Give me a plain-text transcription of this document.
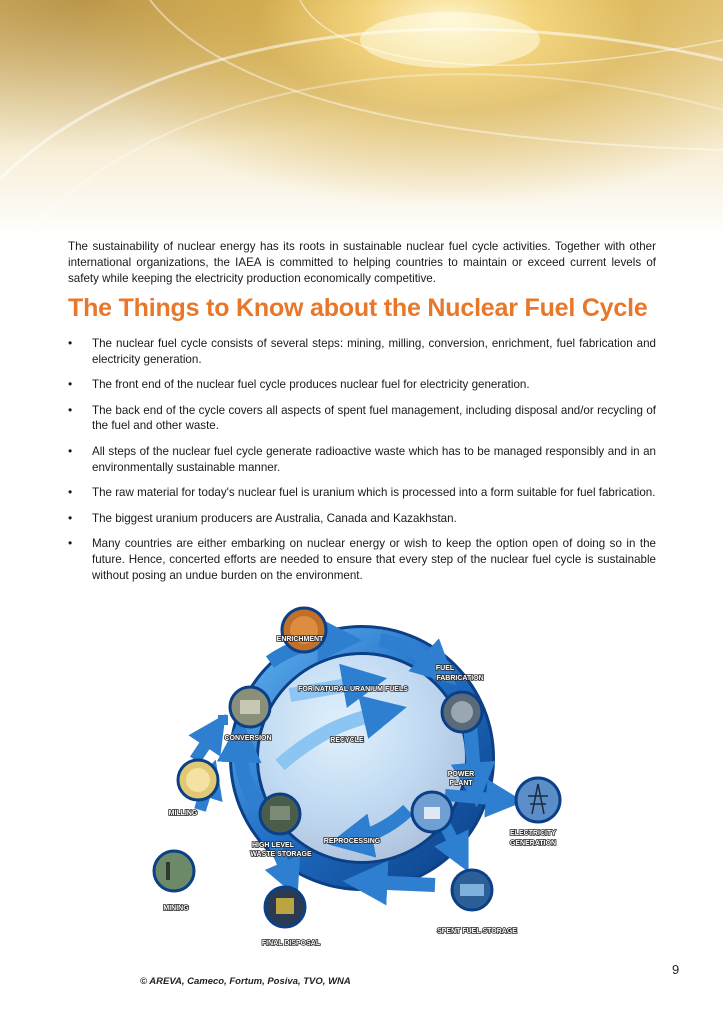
The sustainability of nuclear energy has its roots in sustainable nuclear fuel cycle activities. Together with other international organizations, the IAEA is committed to helping countries to maintain or exceed current levels of safety while keeping the electricity production economically competitive.

The Things to Know about the Nuclear Fuel Cycle
• The nuclear fuel cycle consists of several steps: mining, milling, conversion, enrichment, fuel fabrication and electricity generation.
• The front end of the nuclear fuel cycle produces nuclear fuel for electricity generation.
• The back end of the cycle covers all aspects of spent fuel management, including disposal and/or recycling of the fuel and other waste.
• All steps of the nuclear fuel cycle generate radioactive waste which has to be managed responsibly and in an environmentally sustainable manner.
• The raw material for today's nuclear fuel is uranium which is processed into a form suitable for fuel fabrication.
• The biggest uranium producers are Australia, Canada and Kazakhstan.
• Many countries are either embarking on nuclear energy or wish to keep the option open of doing so in the future. Hence, concerted efforts are needed to ensure that every step of the nuclear fuel cycle is sustainable without posing an undue burden on the environment.
ENRICHMENT
FUEL
FABRICATION
FOR NATURAL URANIUM FUELS
CONVERSION	RECYCLE
POWER
PLANT
MILLING
ELECTRICITY
GENERATION
REPROCESSING
HIGH LEVEL
WASTE STORAGE
MINING
SPENT FUEL STORAGE
FINAL DISPOSAL

© AREVA, Cameco, Fortum, Posiva, TVO, WNA

9
